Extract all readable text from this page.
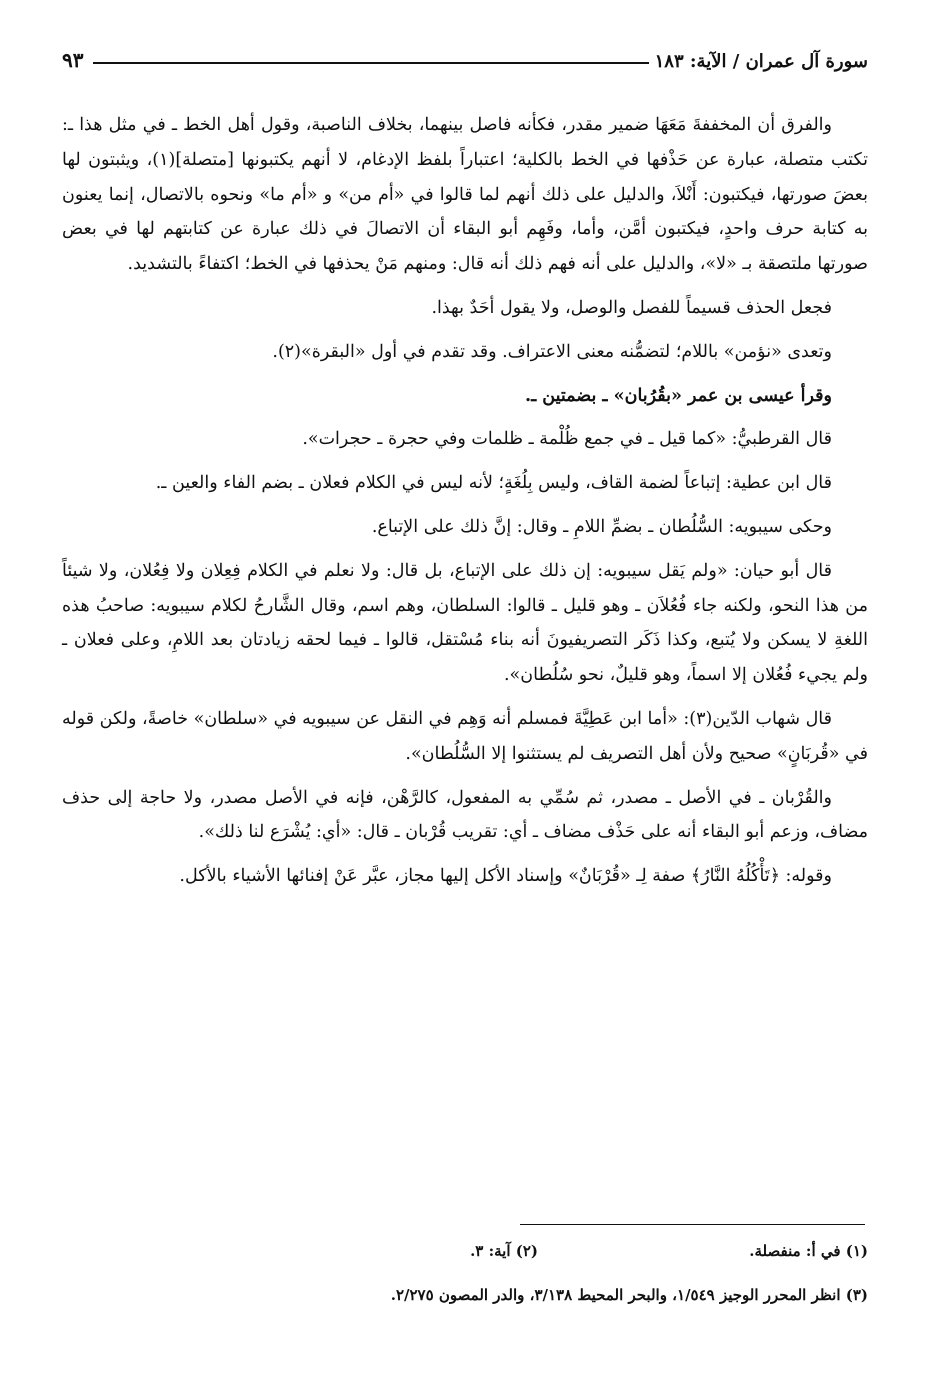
سورة آل عمران / الآية: ١٨٣
٩٣

والفرق أن المخففةَ مَعَهَا ضمير مقدر، فكأنه فاصل بينهما، بخلاف الناصبة، وقول أهل الخط ـ في مثل هذا ـ: تكتب متصلة، عبارة عن حَذْفها في الخط بالكلية؛ اعتباراً بلفظ الإدغام، لا أنهم يكتبونها [متصلة](١)، ويثبتون لها بعضَ صورتها، فيكتبون: أَنْلاَ، والدليل على ذلك أنهم لما قالوا في «أم من» و «أم ما» ونحوه بالاتصال، إنما يعنون به كتابة حرف واحدٍ، فيكتبون أمَّن، وأما، وفَهِم أبو البقاء أن الاتصالَ في ذلك عبارة عن كتابتهم لها في بعض صورتها ملتصقة بـ «لا»، والدليل على أنه فهم ذلك أنه قال: ومنهم مَنْ يحذفها في الخط؛ اكتفاءً بالتشديد.

فجعل الحذف قسيماً للفصل والوصل، ولا يقول أحَدٌ بهذا.

وتعدى «نؤمن» باللام؛ لتضمُّنه معنى الاعتراف. وقد تقدم في أول «البقرة»(٢).

وقرأ عيسى بن عمر «بقُرُبان» ـ بضمتين ـ.

قال القرطبيُّ: «كما قيل ـ في جمع ظُلْمة ـ ظلمات وفي حجرة ـ حجرات».

قال ابن عطية: إتباعاً لضمة القاف، وليس بِلُغَةٍ؛ لأنه ليس في الكلام فعلان ـ بضم الفاء والعين ـ.

وحكى سيبويه: السُّلُطان ـ بضمِّ اللامِ ـ وقال: إنَّ ذلك على الإتباع.

قال أبو حيان: «ولم يَقل سيبويه: إن ذلك على الإتباع، بل قال: ولا نعلم في الكلام فِعِلان ولا فِعُلان، ولا شيئاً من هذا النحو، ولكنه جاء فُعُلاَن ـ وهو قليل ـ قالوا: السلطان، وهم اسم، وقال الشَّارحُ لكلام سيبويه: صاحبُ هذه اللغةِ لا يسكن ولا يُتبع، وكذا ذَكَر التصريفيونَ أنه بناء مُسْتقل، قالوا ـ فيما لحقه زيادتان بعد اللامِ، وعلى فعلان ـ ولم يجيء فُعُلان إلا اسماً، وهو قليلٌ، نحو سُلُطان».

قال شهاب الدّين(٣): «أما ابن عَطِيَّةَ فمسلم أنه وَهِم في النقل عن سيبويه في «سلطان» خاصةً، ولكن قوله في «قُربَانٍ» صحيح ولأن أهل التصريف لم يستثنوا إلا السُّلُطان».

والقُرْبان ـ في الأصل ـ مصدر، ثم سُمِّي به المفعول، كالرَّهْن، فإنه في الأصل مصدر، ولا حاجة إلى حذف مضاف، وزعم أبو البقاء أنه على حَذْف مضاف ـ أي: تقريب قُرْبان ـ قال: «أي: يُشْرَع لنا ذلك».

وقوله: ﴿تَأْكُلُهُ النَّارُ﴾ صفة لِـ «قُرْبَانٌ» وإسناد الأكل إليها مجاز، عبَّر عَنْ إفنائها الأشياء بالأكل.

(١) في أ: منفصلة.
(٢) آية: ٣.
(٣) انظر المحرر الوجيز ١/٥٤٩، والبحر المحيط ٣/١٣٨، والدر المصون ٢/٢٧٥.
